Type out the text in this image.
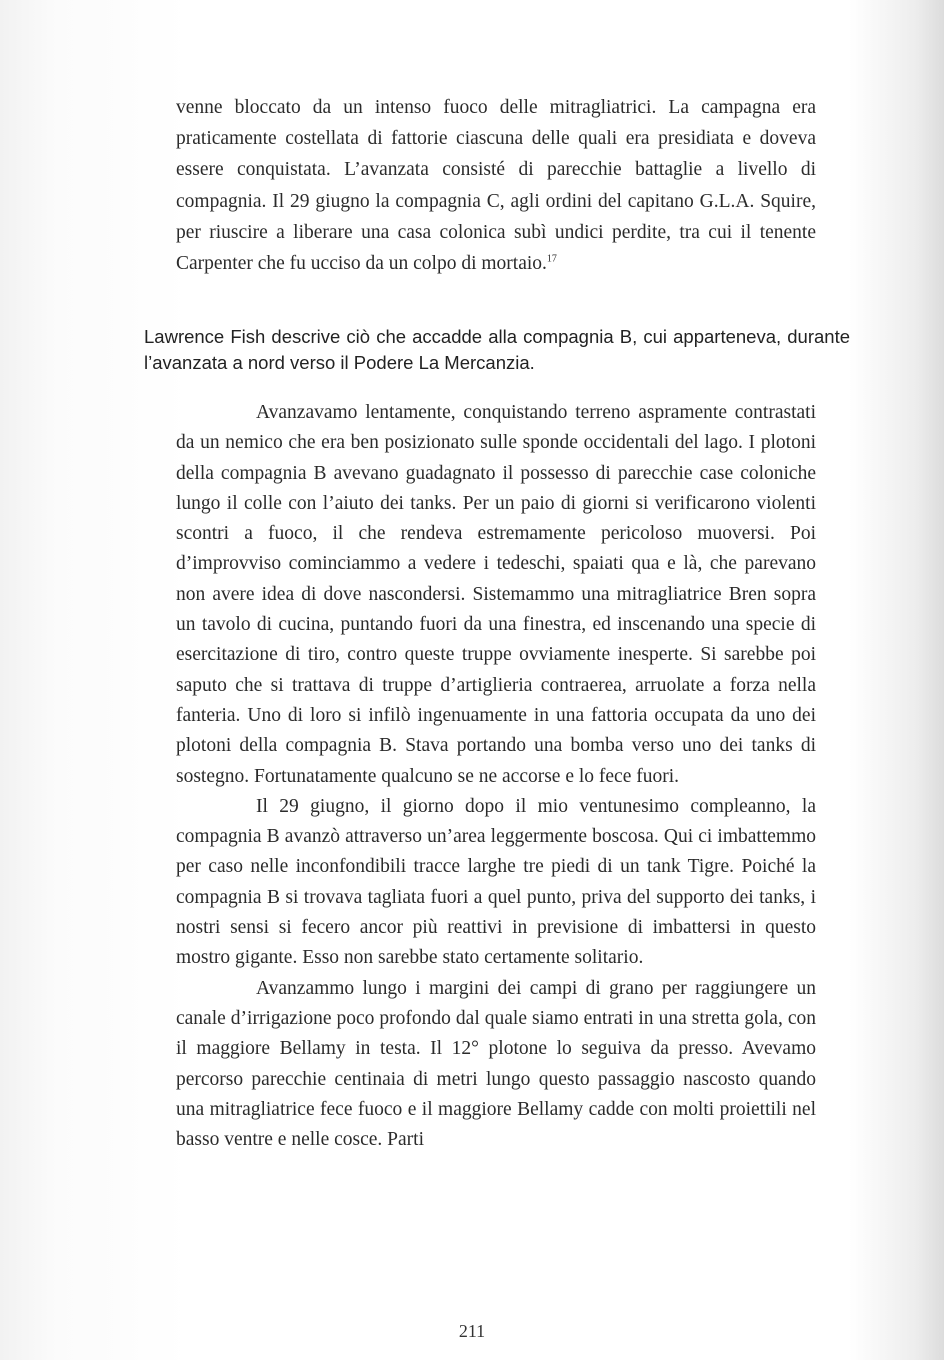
venne bloccato da un intenso fuoco delle mitragliatrici. La campagna era praticamente costellata di fattorie ciascuna delle quali era presidiata e doveva essere conquistata. L’avanzata consisté di parecchie battaglie a livello di compagnia. Il 29 giugno la compagnia C, agli ordini del capitano G.L.A. Squire, per riuscire a liberare una casa colonica subì undici perdite, tra cui il tenente Carpenter che fu ucciso da un colpo di mortaio.$^{17}$

Lawrence Fish descrive ciò che accadde alla compagnia B, cui apparteneva, durante l’avanzata a nord verso il Podere La Mercanzia.

Avanzavamo lentamente, conquistando terreno aspramente contrastati da un nemico che era ben posizionato sulle sponde occidentali del lago. I plotoni della compagnia B avevano guadagnato il possesso di parecchie case coloniche lungo il colle con l’aiuto dei tanks. Per un paio di giorni si verificarono violenti scontri a fuoco, il che rendeva estremamente pericoloso muoversi. Poi d’improvviso cominciammo a vedere i tedeschi, spaiati qua e là, che parevano non avere idea di dove nascondersi. Sistemammo una mitragliatrice Bren sopra un tavolo di cucina, puntando fuori da una finestra, ed inscenando una specie di esercitazione di tiro, contro queste truppe ovviamente inesperte. Si sarebbe poi saputo che si trattava di truppe d’artiglieria contraerea, arruolate a forza nella fanteria. Uno di loro si infilò ingenuamente in una fattoria occupata da uno dei plotoni della compagnia B. Stava portando una bomba verso uno dei tanks di sostegno. Fortunatamente qualcuno se ne accorse e lo fece fuori.

Il 29 giugno, il giorno dopo il mio ventunesimo compleanno, la compagnia B avanzò attraverso un’area leggermente boscosa. Qui ci imbattemmo per caso nelle inconfondibili tracce larghe tre piedi di un tank Tigre. Poiché la compagnia B si trovava tagliata fuori a quel punto, priva del supporto dei tanks, i nostri sensi si fecero ancor più reattivi in previsione di imbattersi in questo mostro gigante. Esso non sarebbe stato certamente solitario.

Avanzammo lungo i margini dei campi di grano per raggiungere un canale d’irrigazione poco profondo dal quale siamo entrati in una stretta gola, con il maggiore Bellamy in testa. Il 12° plotone lo seguiva da presso. Avevamo percorso parecchie centinaia di metri lungo questo passaggio nascosto quando una mitragliatrice fece fuoco e il maggiore Bellamy cadde con molti proiettili nel basso ventre e nelle cosce. Parti

211
